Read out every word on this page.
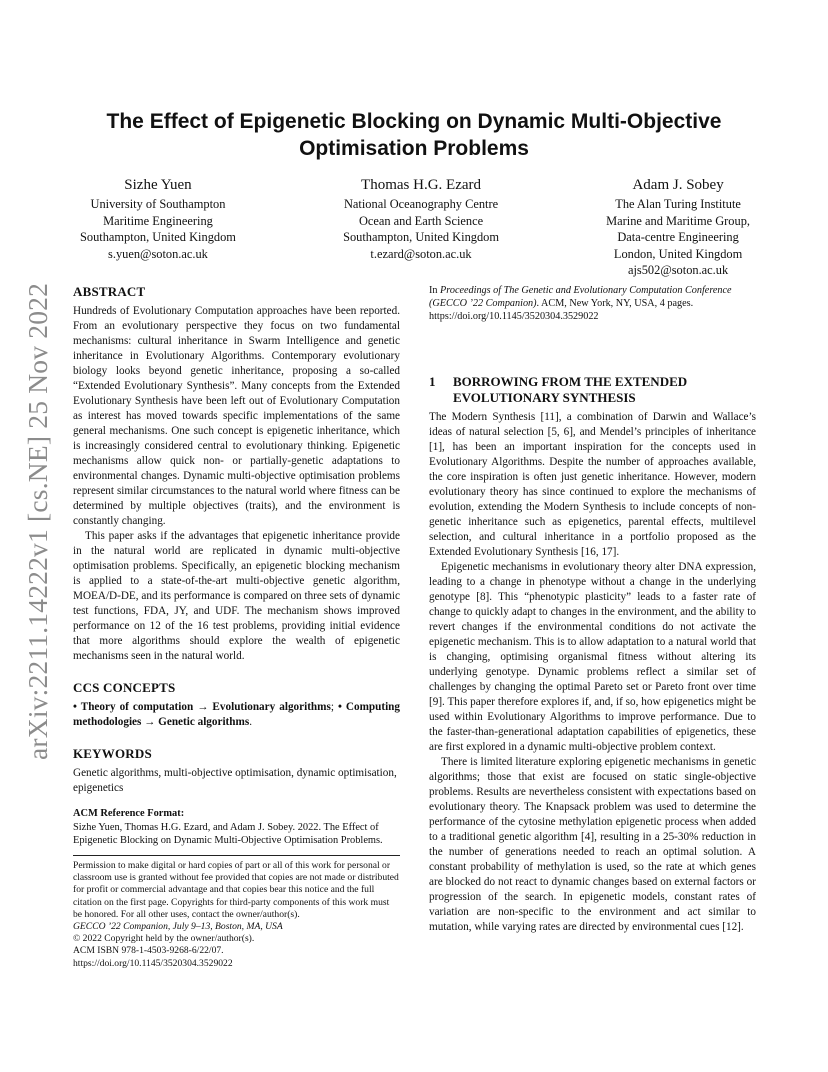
arXiv:2211.14222v1 [cs.NE] 25 Nov 2022
The Effect of Epigenetic Blocking on Dynamic Multi-Objective
Optimisation Problems
Sizhe Yuen
University of Southampton
Maritime Engineering
Southampton, United Kingdom
s.yuen@soton.ac.uk
Thomas H.G. Ezard
National Oceanography Centre
Ocean and Earth Science
Southampton, United Kingdom
t.ezard@soton.ac.uk
Adam J. Sobey
The Alan Turing Institute
Marine and Maritime Group,
Data-centre Engineering
London, United Kingdom
ajs502@soton.ac.uk
ABSTRACT

Hundreds of Evolutionary Computation approaches have been reported. From an evolutionary perspective they focus on two fundamental mechanisms: cultural inheritance in Swarm Intelligence and genetic inheritance in Evolutionary Algorithms. Contemporary evolutionary biology looks beyond genetic inheritance, proposing a so-called “Extended Evolutionary Synthesis”. Many concepts from the Extended Evolutionary Synthesis have been left out of Evolutionary Computation as interest has moved towards specific implementations of the same general mechanisms. One such concept is epigenetic inheritance, which is increasingly considered central to evolutionary thinking. Epigenetic mechanisms allow quick non- or partially-genetic adaptations to environmental changes. Dynamic multi-objective optimisation problems represent similar circumstances to the natural world where fitness can be determined by multiple objectives (traits), and the environment is constantly changing.

This paper asks if the advantages that epigenetic inheritance provide in the natural world are replicated in dynamic multi-objective optimisation problems. Specifically, an epigenetic blocking mechanism is applied to a state-of-the-art multi-objective genetic algorithm, MOEA/D-DE, and its performance is compared on three sets of dynamic test functions, FDA, JY, and UDF. The mechanism shows improved performance on 12 of the 16 test problems, providing initial evidence that more algorithms should explore the wealth of epigenetic mechanisms seen in the natural world.

CCS CONCEPTS

• Theory of computation → Evolutionary algorithms; • Computing methodologies → Genetic algorithms.

KEYWORDS

Genetic algorithms, multi-objective optimisation, dynamic optimisation, epigenetics

ACM Reference Format:

Sizhe Yuen, Thomas H.G. Ezard, and Adam J. Sobey. 2022. The Effect of Epigenetic Blocking on Dynamic Multi-Objective Optimisation Problems.

Permission to make digital or hard copies of part or all of this work for personal or classroom use is granted without fee provided that copies are not made or distributed for profit or commercial advantage and that copies bear this notice and the full citation on the first page. Copyrights for third-party components of this work must be honored. For all other uses, contact the owner/author(s).

GECCO ’22 Companion, July 9–13, Boston, MA, USA
© 2022 Copyright held by the owner/author(s).
ACM ISBN 978-1-4503-9268-6/22/07.
https://doi.org/10.1145/3520304.3529022

In Proceedings of The Genetic and Evolutionary Computation Conference (GECCO ’22 Companion). ACM, New York, NY, USA, 4 pages. https://doi.org/10.1145/3520304.3529022

1	BORROWING FROM THE EXTENDED EVOLUTIONARY SYNTHESIS

The Modern Synthesis [11], a combination of Darwin and Wallace’s ideas of natural selection [5, 6], and Mendel’s principles of inheritance [1], has been an important inspiration for the concepts used in Evolutionary Algorithms. Despite the number of approaches available, the core inspiration is often just genetic inheritance. However, modern evolutionary theory has since continued to explore the mechanisms of evolution, extending the Modern Synthesis to include concepts of non-genetic inheritance such as epigenetics, parental effects, multilevel selection, and cultural inheritance in a portfolio proposed as the Extended Evolutionary Synthesis [16, 17].

Epigenetic mechanisms in evolutionary theory alter DNA expression, leading to a change in phenotype without a change in the underlying genotype [8]. This “phenotypic plasticity” leads to a faster rate of change to quickly adapt to changes in the environment, and the ability to revert changes if the environmental conditions do not activate the epigenetic mechanism. This is to allow adaptation to a natural world that is changing, optimising organismal fitness without altering its underlying genotype. Dynamic problems reflect a similar set of challenges by changing the optimal Pareto set or Pareto front over time [9]. This paper therefore explores if, and, if so, how epigenetics might be used within Evolutionary Algorithms to improve performance. Due to the faster-than-generational adaptation capabilities of epigenetics, these are first explored in a dynamic multi-objective problem context.

There is limited literature exploring epigenetic mechanisms in genetic algorithms; those that exist are focused on static single-objective problems. Results are nevertheless consistent with expectations based on evolutionary theory. The Knapsack problem was used to determine the performance of the cytosine methylation epigenetic process when added to a traditional genetic algorithm [4], resulting in a 25-30% reduction in the number of generations needed to reach an optimal solution. A constant probability of methylation is used, so the rate at which genes are blocked do not react to dynamic changes based on external factors or progression of the search. In epigenetic models, constant rates of variation are non-specific to the environment and act similar to mutation, while varying rates are directed by environmental cues [12].
